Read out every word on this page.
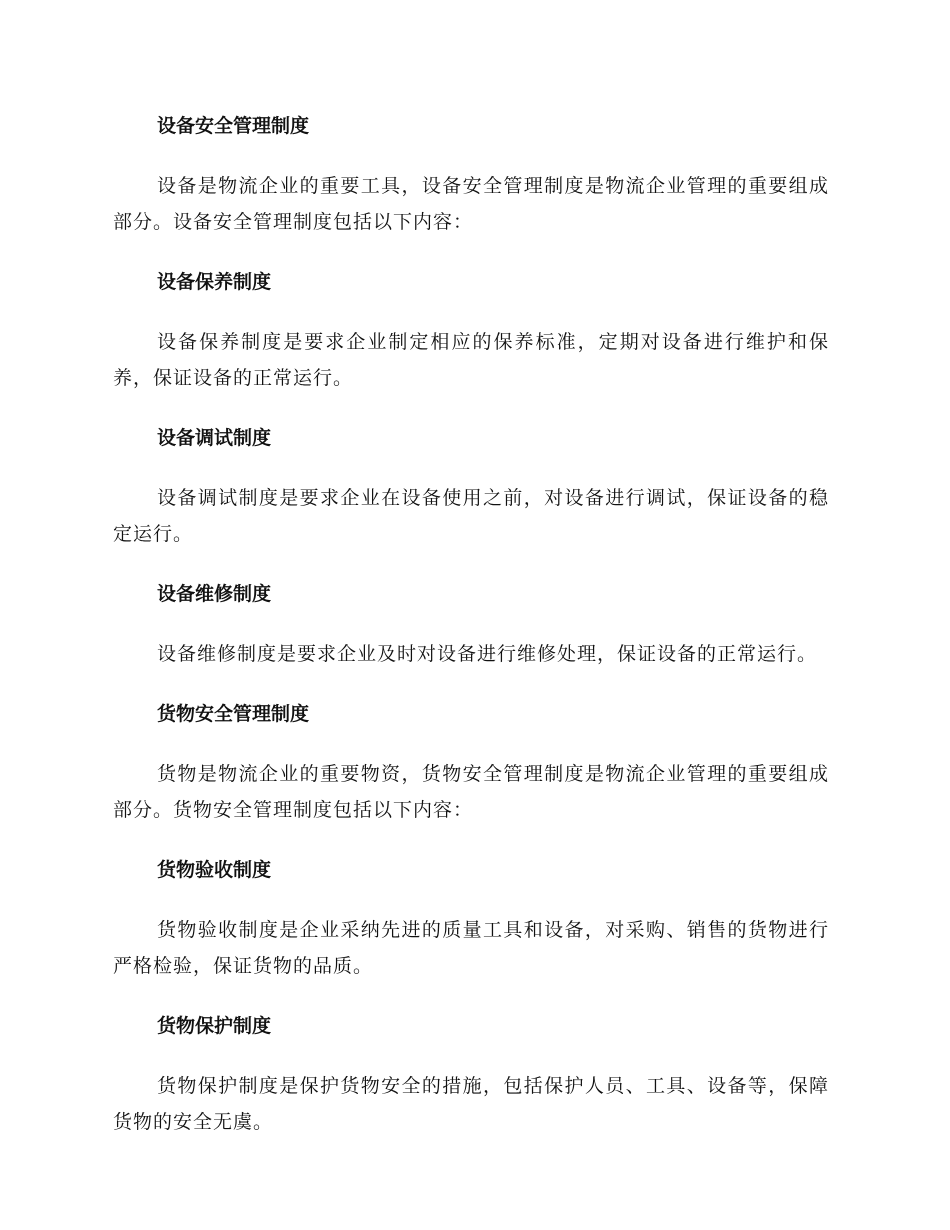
设备安全管理制度

设备是物流企业的重要工具，设备安全管理制度是物流企业管理的重要组成部分。设备安全管理制度包括以下内容：

设备保养制度

设备保养制度是要求企业制定相应的保养标准，定期对设备进行维护和保养，保证设备的正常运行。

设备调试制度

设备调试制度是要求企业在设备使用之前，对设备进行调试，保证设备的稳定运行。

设备维修制度

设备维修制度是要求企业及时对设备进行维修处理，保证设备的正常运行。

货物安全管理制度

货物是物流企业的重要物资，货物安全管理制度是物流企业管理的重要组成部分。货物安全管理制度包括以下内容：

货物验收制度

货物验收制度是企业采纳先进的质量工具和设备，对采购、销售的货物进行严格检验，保证货物的品质。

货物保护制度

货物保护制度是保护货物安全的措施，包括保护人员、工具、设备等，保障货物的安全无虞。
